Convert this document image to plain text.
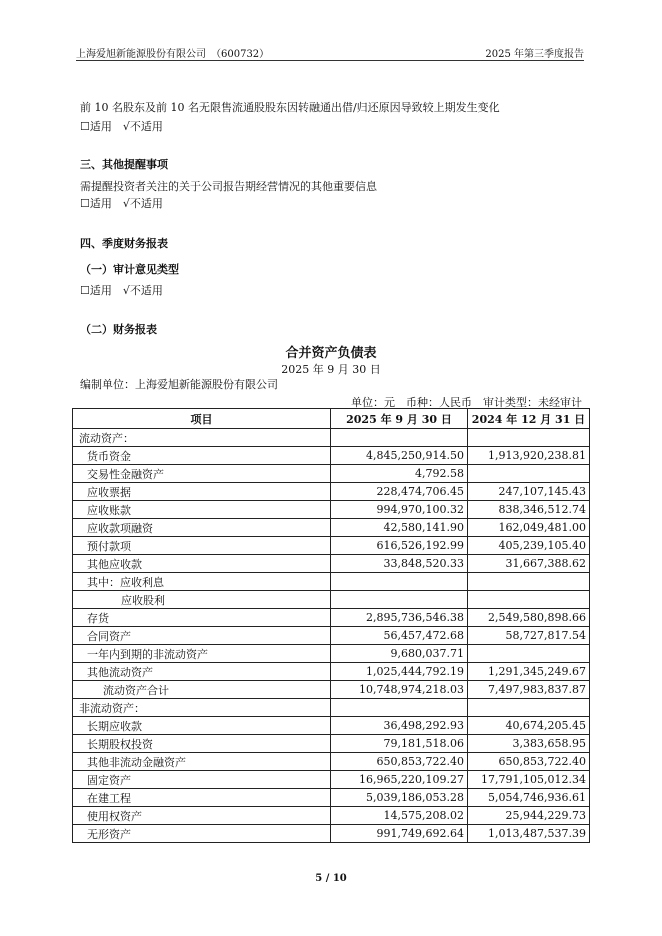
上海爱旭新能源股份有限公司　（600732）	2025 年第三季度报告
前 10 名股东及前 10 名无限售流通股股东因转融通出借/归还原因导致较上期发生变化
☐适用　√不适用
三、其他提醒事项
需提醒投资者关注的关于公司报告期经营情况的其他重要信息
☐适用　√不适用
四、季度财务报表
（一）审计意见类型
☐适用　√不适用
（二）财务报表
合并资产负债表
2025 年 9 月 30 日
编制单位：上海爱旭新能源股份有限公司
单位：元　币种：人民币　审计类型：未经审计
项目	2025 年 9 月 30 日	2024 年 12 月 31 日
流动资产：		
货币资金	4,845,250,914.50	1,913,920,238.81
交易性金融资产	4,792.58	
应收票据	228,474,706.45	247,107,145.43
应收账款	994,970,100.32	838,346,512.74
应收款项融资	42,580,141.90	162,049,481.00
预付款项	616,526,192.99	405,239,105.40
其他应收款	33,848,520.33	31,667,388.62
其中：应收利息		
应收股利		
存货	2,895,736,546.38	2,549,580,898.66
合同资产	56,457,472.68	58,727,817.54
一年内到期的非流动资产	9,680,037.71	
其他流动资产	1,025,444,792.19	1,291,345,249.67
流动资产合计	10,748,974,218.03	7,497,983,837.87
非流动资产：		
长期应收款	36,498,292.93	40,674,205.45
长期股权投资	79,181,518.06	3,383,658.95
其他非流动金融资产	650,853,722.40	650,853,722.40
固定资产	16,965,220,109.27	17,791,105,012.34
在建工程	5,039,186,053.28	5,054,746,936.61
使用权资产	14,575,208.02	25,944,229.73
无形资产	991,749,692.64	1,013,487,537.39
5 / 10
